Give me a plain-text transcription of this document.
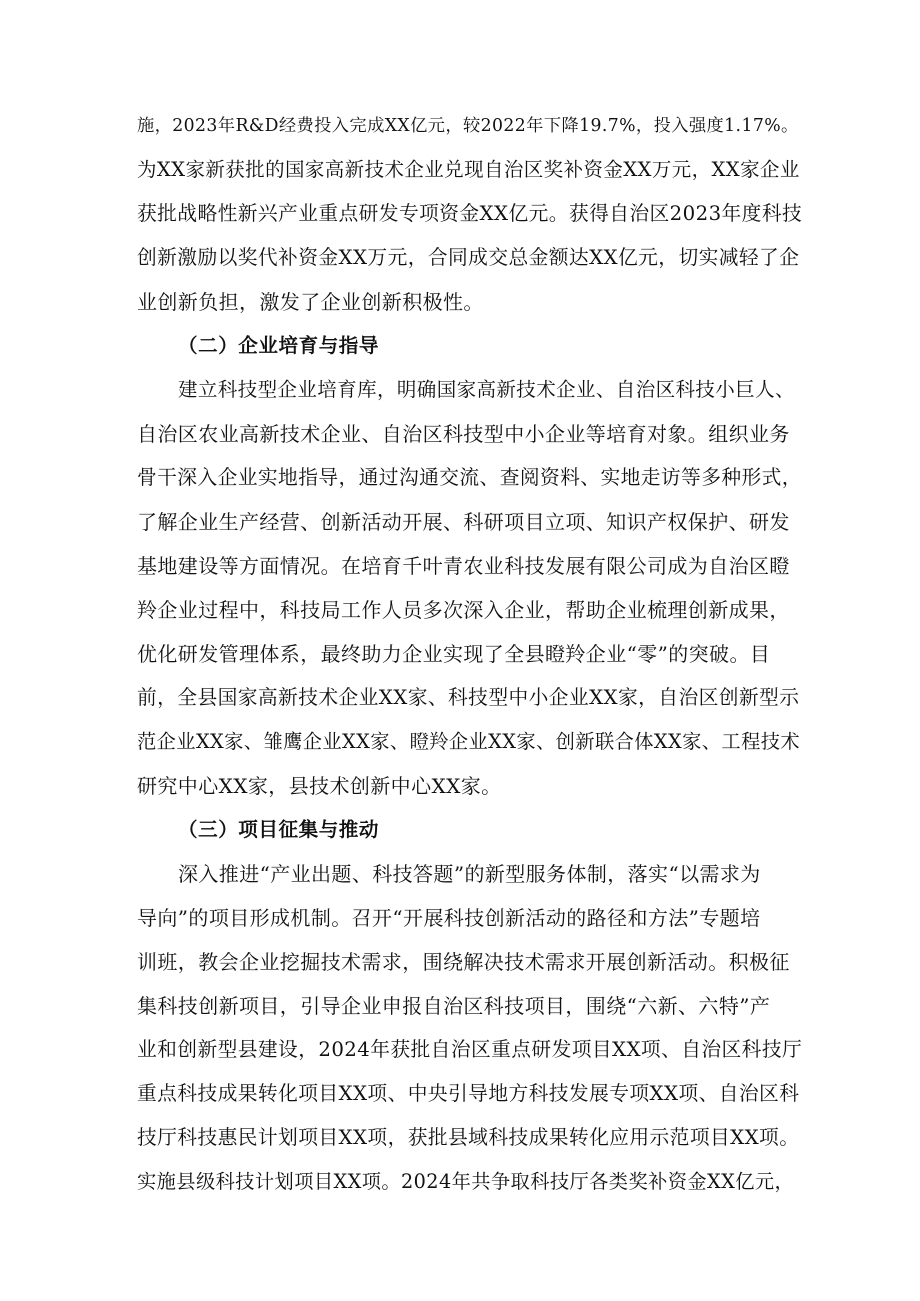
施，2023年R&D经费投入完成XX亿元，较2022年下降19.7%，投入强度1.17%。
为XX家新获批的国家高新技术企业兑现自治区奖补资金XX万元，XX家企业
获批战略性新兴产业重点研发专项资金XX亿元。获得自治区2023年度科技
创新激励以奖代补资金XX万元，合同成交总金额达XX亿元，切实减轻了企
业创新负担，激发了企业创新积极性。
（二）企业培育与指导
建立科技型企业培育库，明确国家高新技术企业、自治区科技小巨人、
自治区农业高新技术企业、自治区科技型中小企业等培育对象。组织业务
骨干深入企业实地指导，通过沟通交流、查阅资料、实地走访等多种形式，
了解企业生产经营、创新活动开展、科研项目立项、知识产权保护、研发
基地建设等方面情况。在培育千叶青农业科技发展有限公司成为自治区瞪
羚企业过程中，科技局工作人员多次深入企业，帮助企业梳理创新成果，
优化研发管理体系，最终助力企业实现了全县瞪羚企业“零”的突破。目
前，全县国家高新技术企业XX家、科技型中小企业XX家，自治区创新型示
范企业XX家、雏鹰企业XX家、瞪羚企业XX家、创新联合体XX家、工程技术
研究中心XX家，县技术创新中心XX家。
（三）项目征集与推动
深入推进“产业出题、科技答题”的新型服务体制，落实“以需求为
导向”的项目形成机制。召开“开展科技创新活动的路径和方法”专题培
训班，教会企业挖掘技术需求，围绕解决技术需求开展创新活动。积极征
集科技创新项目，引导企业申报自治区科技项目，围绕“六新、六特”产
业和创新型县建设，2024年获批自治区重点研发项目XX项、自治区科技厅
重点科技成果转化项目XX项、中央引导地方科技发展专项XX项、自治区科
技厅科技惠民计划项目XX项，获批县域科技成果转化应用示范项目XX项。
实施县级科技计划项目XX项。2024年共争取科技厅各类奖补资金XX亿元，
